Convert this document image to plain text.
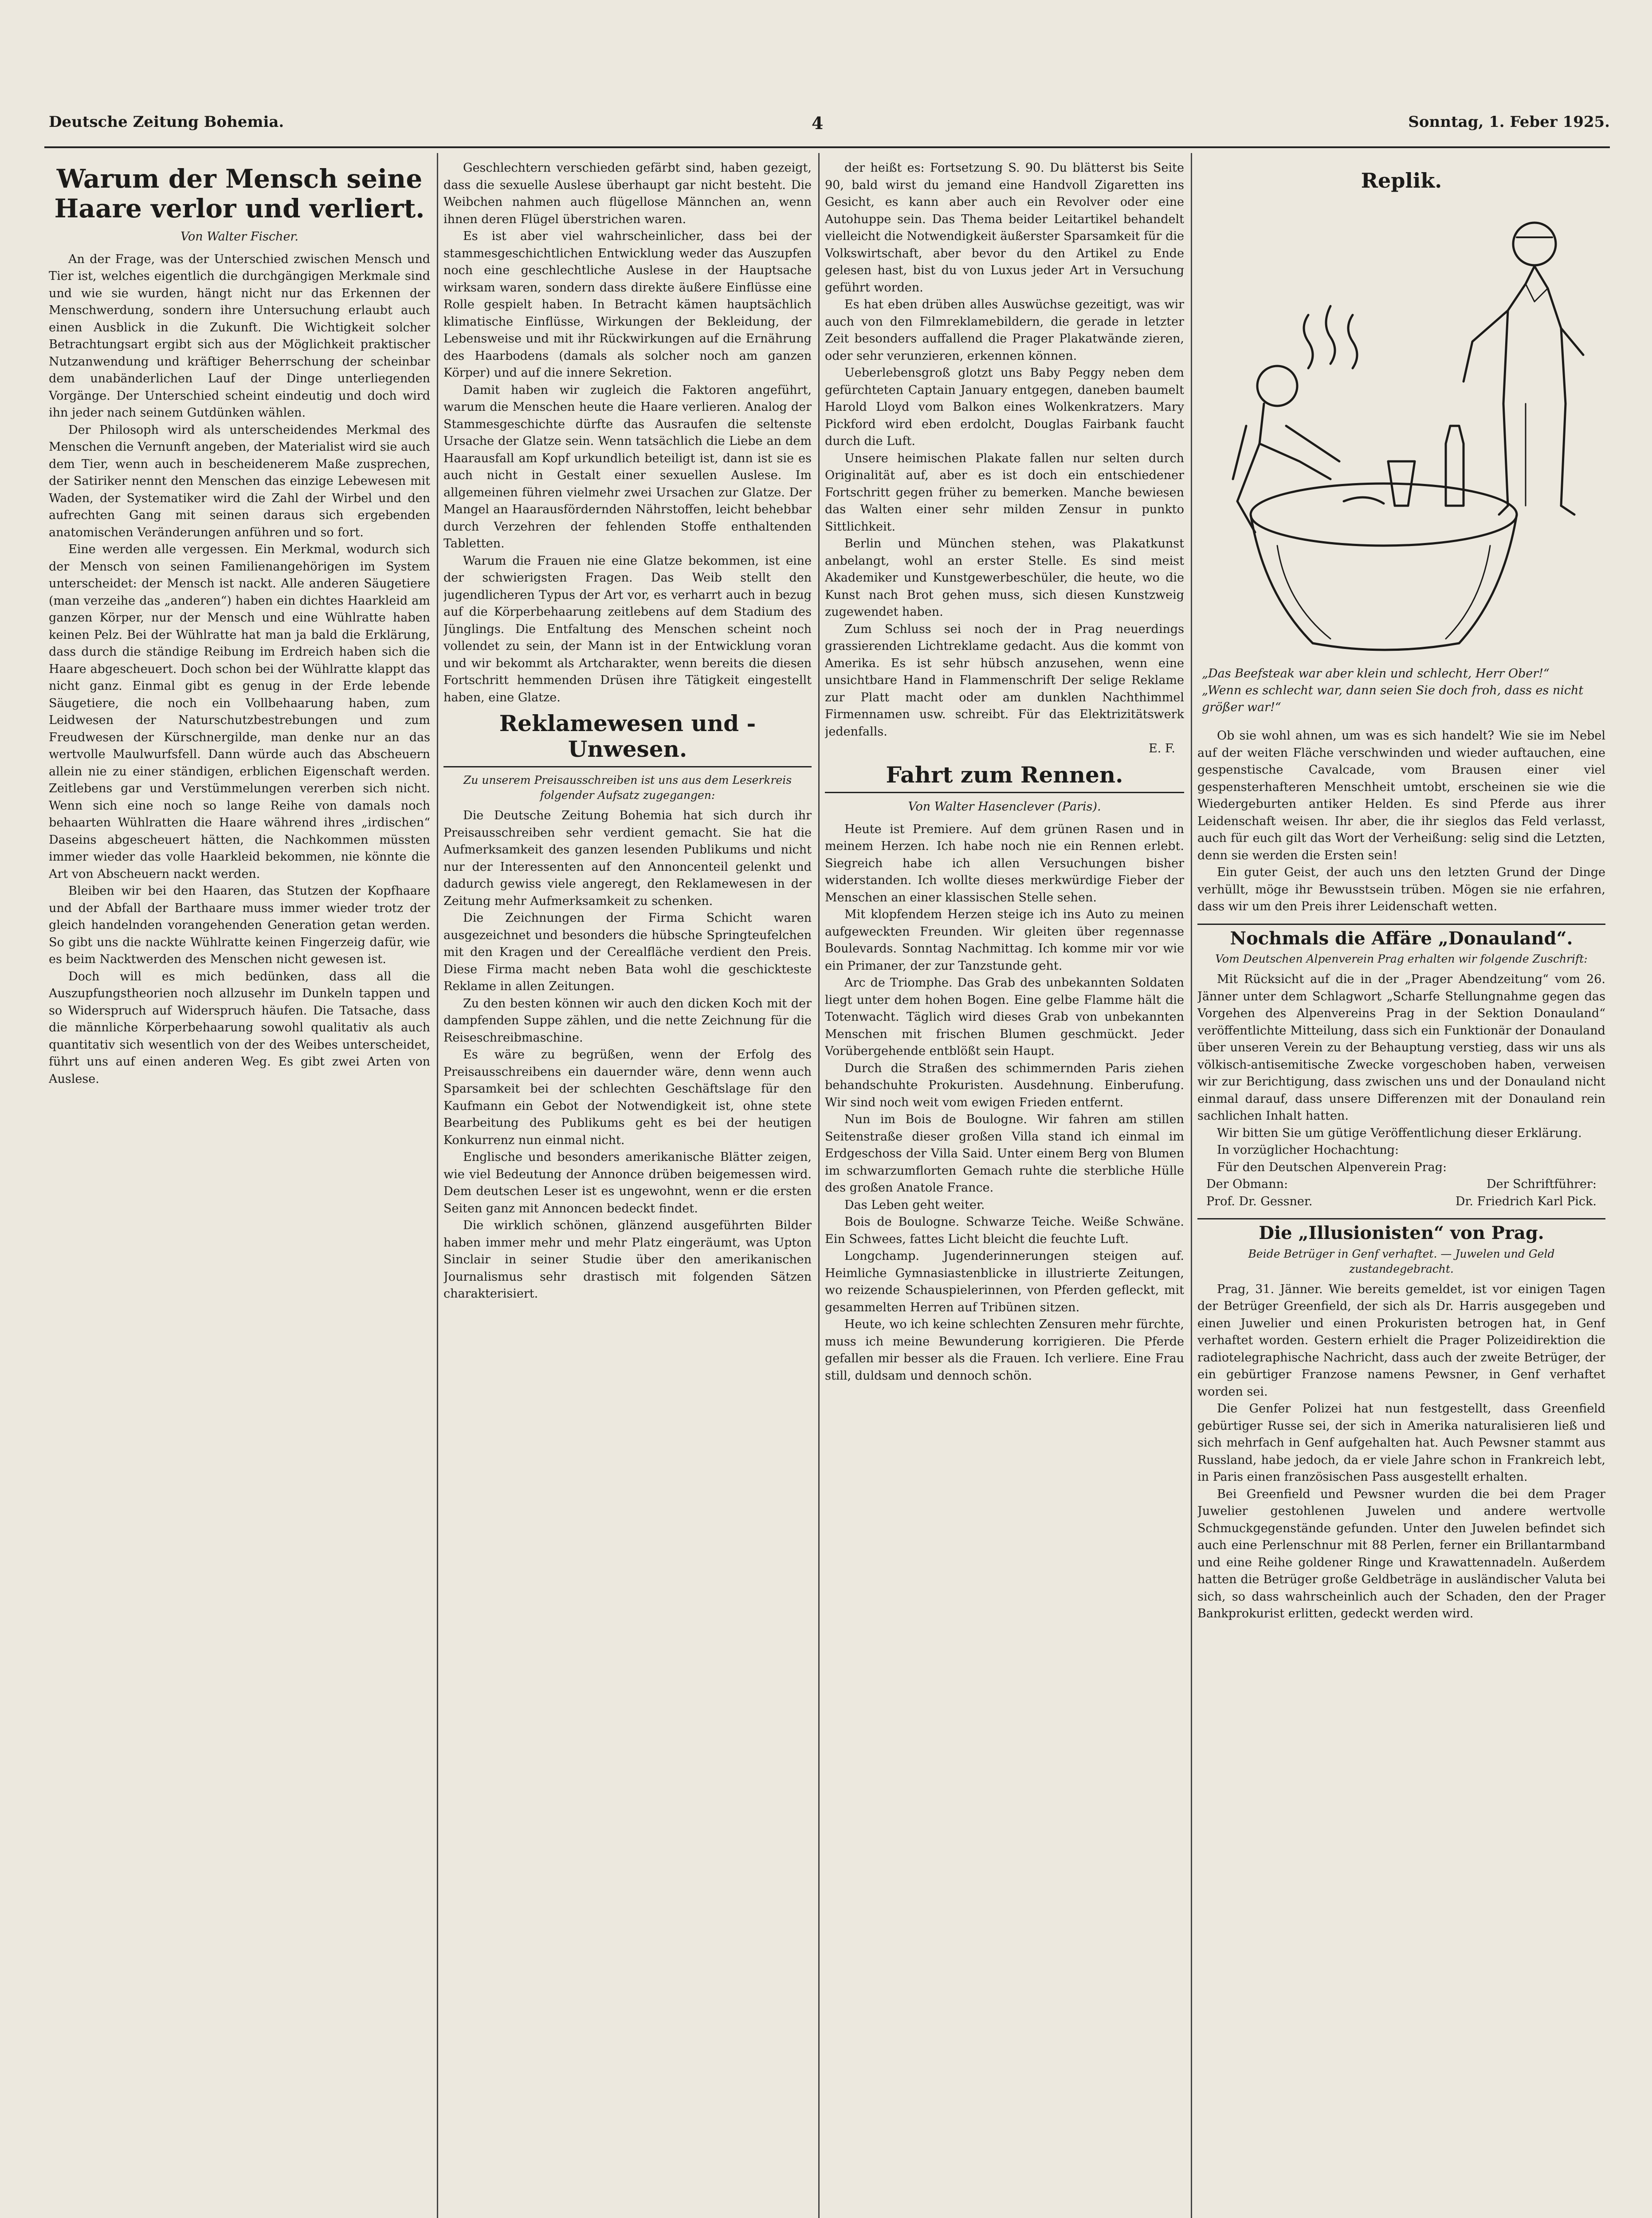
Deutsche Zeitung Bohemia.	4	Sonntag, 1. Feber 1925.
Warum der Mensch seine Haare verlor und verliert.
Von Walter Fischer.

An der Frage, was der Unterschied zwischen Mensch und Tier ist, welches eigentlich die durchgängigen Merkmale sind und wie sie wurden, hängt nicht nur das Erkennen der Menschwerdung, sondern ihre Untersuchung erlaubt auch einen Ausblick in die Zukunft. Die Wichtigkeit solcher Betrachtungsart ergibt sich aus der Möglichkeit praktischer Nutzanwendung und kräftiger Beherrschung der scheinbar dem unabänderlichen Lauf der Dinge unterliegenden Vorgänge. Der Unterschied scheint eindeutig und doch wird ihn jeder nach seinem Gutdünken wählen.

Der Philosoph wird als unterscheidendes Merkmal des Menschen die Vernunft angeben, der Materialist wird sie auch dem Tier, wenn auch in bescheidenerem Maße zusprechen, der Satiriker nennt den Menschen das einzige Lebewesen mit Waden, der Systematiker wird die Zahl der Wirbel und den aufrechten Gang mit seinen daraus sich ergebenden anatomischen Veränderungen anführen und so fort.

Eine werden alle vergessen. Ein Merkmal, wodurch sich der Mensch von seinen Familienangehörigen im System unterscheidet: der Mensch ist nackt. Alle anderen Säugetiere (man verzeihe das „anderen“) haben ein dichtes Haarkleid am ganzen Körper, nur der Mensch und eine Wühlratte haben keinen Pelz. Bei der Wühlratte hat man ja bald die Erklärung, dass durch die ständige Reibung im Erdreich haben sich die Haare abgescheuert. Doch schon bei der Wühlratte klappt das nicht ganz. Einmal gibt es genug in der Erde lebende Säugetiere, die noch ein Vollbehaarung haben, zum Leidwesen der Naturschutzbestrebungen und zum Freudwesen der Kürschnergilde, man denke nur an das wertvolle Maulwurfsfell. Dann würde auch das Abscheuern allein nie zu einer ständigen, erblichen Eigenschaft werden. Zeitlebens gar und Verstümmelungen vererben sich nicht. Wenn sich eine noch so lange Reihe von damals noch behaarten Wühlratten die Haare während ihres „irdischen“ Daseins abgescheuert hätten, die Nachkommen müssten immer wieder das volle Haarkleid bekommen, nie könnte die Art von Abscheuern nackt werden.

Bleiben wir bei den Haaren, das Stutzen der Kopfhaare und der Abfall der Barthaare muss immer wieder trotz der gleich handelnden vorangehenden Generation getan werden. So gibt uns die nackte Wühlratte keinen Fingerzeig dafür, wie es beim Nacktwerden des Menschen nicht gewesen ist.

Doch will es mich bedünken, dass all die Auszupfungstheorien noch allzusehr im Dunkeln tappen und so Widerspruch auf Widerspruch häufen. Die Tatsache, dass die männliche Körperbehaarung sowohl qualitativ als auch quantitativ sich wesentlich von der des Weibes unterscheidet, führt uns auf einen anderen Weg. Es gibt zwei Arten von Auslese.

Geschlechtern verschieden gefärbt sind, haben gezeigt, dass die sexuelle Auslese überhaupt gar nicht besteht. Die Weibchen nahmen auch flügellose Männchen an, wenn ihnen deren Flügel überstrichen waren.

Es ist aber viel wahrscheinlicher, dass bei der stammesgeschichtlichen Entwicklung weder das Auszupfen noch eine geschlechtliche Auslese in der Hauptsache wirksam waren, sondern dass direkte äußere Einflüsse eine Rolle gespielt haben. In Betracht kämen hauptsächlich klimatische Einflüsse, Wirkungen der Bekleidung, der Lebensweise und mit ihr Rückwirkungen auf die Ernährung des Haarbodens (damals als solcher noch am ganzen Körper) und auf die innere Sekretion.

Damit haben wir zugleich die Faktoren angeführt, warum die Menschen heute die Haare verlieren. Analog der Stammesgeschichte dürfte das Ausraufen die seltenste Ursache der Glatze sein. Wenn tatsächlich die Liebe an dem Haarausfall am Kopf urkundlich beteiligt ist, dann ist sie es auch nicht in Gestalt einer sexuellen Auslese. Im allgemeinen führen vielmehr zwei Ursachen zur Glatze. Der Mangel an Haarausfördernden Nährstoffen, leicht behebbar durch Verzehren der fehlenden Stoffe enthaltenden Tabletten.

Warum die Frauen nie eine Glatze bekommen, ist eine der schwierigsten Fragen. Das Weib stellt den jugendlicheren Typus der Art vor, es verharrt auch in bezug auf die Körperbehaarung zeitlebens auf dem Stadium des Jünglings. Die Entfaltung des Menschen scheint noch vollendet zu sein, der Mann ist in der Entwicklung voran und wir bekommt als Artcharakter, wenn bereits die diesen Fortschritt hemmenden Drüsen ihre Tätigkeit eingestellt haben, eine Glatze.

Reklamewesen und -Unwesen.
Zu unserem Preisausschreiben ist uns aus dem Leserkreis folgender Aufsatz zugegangen:

Die Deutsche Zeitung Bohemia hat sich durch ihr Preisausschreiben sehr verdient gemacht. Sie hat die Aufmerksamkeit des ganzen lesenden Publikums und nicht nur der Interessenten auf den Annoncenteil gelenkt und dadurch gewiss viele angeregt, den Reklamewesen in der Zeitung mehr Aufmerksamkeit zu schenken.

Die Zeichnungen der Firma Schicht waren ausgezeichnet und besonders die hübsche Springteufelchen mit den Kragen und der Cerealfläche verdient den Preis. Diese Firma macht neben Bata wohl die geschickteste Reklame in allen Zeitungen.

Zu den besten können wir auch den dicken Koch mit der dampfenden Suppe zählen, und die nette Zeichnung für die Reiseschreibmaschine.

Es wäre zu begrüßen, wenn der Erfolg des Preisausschreibens ein dauernder wäre, denn wenn auch Sparsamkeit bei der schlechten Geschäftslage für den Kaufmann ein Gebot der Notwendigkeit ist, ohne stete Bearbeitung des Publikums geht es bei der heutigen Konkurrenz nun einmal nicht.

Englische und besonders amerikanische Blätter zeigen, wie viel Bedeutung der Annonce drüben beigemessen wird. Dem deutschen Leser ist es ungewohnt, wenn er die ersten Seiten ganz mit Annoncen bedeckt findet.

Die wirklich schönen, glänzend ausgeführten Bilder haben immer mehr und mehr Platz eingeräumt, was Upton Sinclair in seiner Studie über den amerikanischen Journalismus sehr drastisch mit folgenden Sätzen charakterisiert.

der heißt es: Fortsetzung S. 90. Du blätterst bis Seite 90, bald wirst du jemand eine Handvoll Zigaretten ins Gesicht, es kann aber auch ein Revolver oder eine Autohuppe sein. Das Thema beider Leitartikel behandelt vielleicht die Notwendigkeit äußerster Sparsamkeit für die Volkswirtschaft, aber bevor du den Artikel zu Ende gelesen hast, bist du von Luxus jeder Art in Versuchung geführt worden.

Es hat eben drüben alles Auswüchse gezeitigt, was wir auch von den Filmreklamebildern, die gerade in letzter Zeit besonders auffallend die Prager Plakatwände zieren, oder sehr verunzieren, erkennen können.

Ueberlebensgroß glotzt uns Baby Peggy neben dem gefürchteten Captain January entgegen, daneben baumelt Harold Lloyd vom Balkon eines Wolkenkratzers. Mary Pickford wird eben erdolcht, Douglas Fairbank faucht durch die Luft.

Unsere heimischen Plakate fallen nur selten durch Originalität auf, aber es ist doch ein entschiedener Fortschritt gegen früher zu bemerken. Manche bewiesen das Walten einer sehr milden Zensur in punkto Sittlichkeit.

Berlin und München stehen, was Plakatkunst anbelangt, wohl an erster Stelle. Es sind meist Akademiker und Kunstgewerbeschüler, die heute, wo die Kunst nach Brot gehen muss, sich diesen Kunstzweig zugewendet haben.

Zum Schluss sei noch der in Prag neuerdings grassierenden Lichtreklame gedacht. Aus die kommt von Amerika. Es ist sehr hübsch anzusehen, wenn eine unsichtbare Hand in Flammenschrift Der selige Reklame zur Platt macht oder am dunklen Nachthimmel Firmennamen usw. schreibt. Für das Elektrizitätswerk jedenfalls.

E. F.
Fahrt zum Rennen.
Von Walter Hasenclever (Paris).

Heute ist Premiere. Auf dem grünen Rasen und in meinem Herzen. Ich habe noch nie ein Rennen erlebt. Siegreich habe ich allen Versuchungen bisher widerstanden. Ich wollte dieses merkwürdige Fieber der Menschen an einer klassischen Stelle sehen.

Mit klopfendem Herzen steige ich ins Auto zu meinen aufgeweckten Freunden. Wir gleiten über regennasse Boulevards. Sonntag Nachmittag. Ich komme mir vor wie ein Primaner, der zur Tanzstunde geht.

Arc de Triomphe. Das Grab des unbekannten Soldaten liegt unter dem hohen Bogen. Eine gelbe Flamme hält die Totenwacht. Täglich wird dieses Grab von unbekannten Menschen mit frischen Blumen geschmückt. Jeder Vorübergehende entblößt sein Haupt.

Durch die Straßen des schimmernden Paris ziehen behandschuhte Prokuristen. Ausdehnung. Einberufung. Wir sind noch weit vom ewigen Frieden entfernt.

Nun im Bois de Boulogne. Wir fahren am stillen Seitenstraße dieser großen Villa stand ich einmal im Erdgeschoss der Villa Said. Unter einem Berg von Blumen im schwarzumflorten Gemach ruhte die sterbliche Hülle des großen Anatole France.

Das Leben geht weiter.

Bois de Boulogne. Schwarze Teiche. Weiße Schwäne. Ein Schwees, fattes Licht bleicht die feuchte Luft.

Longchamp. Jugenderinnerungen steigen auf. Heimliche Gymnasiastenblicke in illustrierte Zeitungen, wo reizende Schauspielerinnen, von Pferden gefleckt, mit gesammelten Herren auf Tribünen sitzen.

Heute, wo ich keine schlechten Zensuren mehr fürchte, muss ich meine Bewunderung korrigieren. Die Pferde gefallen mir besser als die Frauen. Ich verliere. Eine Frau still, duldsam und dennoch schön.

Replik.

„Das Beefsteak war aber klein und schlecht, Herr Ober!“

„Wenn es schlecht war, dann seien Sie doch froh, dass es nicht größer war!“

Ob sie wohl ahnen, um was es sich handelt? Wie sie im Nebel auf der weiten Fläche verschwinden und wieder auftauchen, eine gespenstische Cavalcade, vom Brausen einer viel gespensterhafteren Menschheit umtobt, erscheinen sie wie die Wiedergeburten antiker Helden. Es sind Pferde aus ihrer Leidenschaft weisen. Ihr aber, die ihr sieglos das Feld verlasst, auch für euch gilt das Wort der Verheißung: selig sind die Letzten, denn sie werden die Ersten sein!

Ein guter Geist, der auch uns den letzten Grund der Dinge verhüllt, möge ihr Bewusstsein trüben. Mögen sie nie erfahren, dass wir um den Preis ihrer Leidenschaft wetten.

Nochmals die Affäre „Donauland“.
Vom Deutschen Alpenverein Prag erhalten wir folgende Zuschrift:

Mit Rücksicht auf die in der „Prager Abendzeitung“ vom 26. Jänner unter dem Schlagwort „Scharfe Stellungnahme gegen das Vorgehen des Alpenvereins Prag in der Sektion Donauland“ veröffentlichte Mitteilung, dass sich ein Funktionär der Donauland über unseren Verein zu der Behauptung verstieg, dass wir uns als völkisch-antisemitische Zwecke vorgeschoben haben, verweisen wir zur Berichtigung, dass zwischen uns und der Donauland nicht einmal darauf, dass unsere Differenzen mit der Donauland rein sachlichen Inhalt hatten.

Wir bitten Sie um gütige Veröffentlichung dieser Erklärung.

In vorzüglicher Hochachtung:

Für den Deutschen Alpenverein Prag:

Der Obmann:	Der Schriftführer:
Prof. Dr. Gessner.	Dr. Friedrich Karl Pick.
Die „Illusionisten“ von Prag.
Beide Betrüger in Genf verhaftet. — Juwelen und Geld zustandegebracht.

Prag, 31. Jänner. Wie bereits gemeldet, ist vor einigen Tagen der Betrüger Greenfield, der sich als Dr. Harris ausgegeben und einen Juwelier und einen Prokuristen betrogen hat, in Genf verhaftet worden. Gestern erhielt die Prager Polizeidirektion die radiotelegraphische Nachricht, dass auch der zweite Betrüger, der ein gebürtiger Franzose namens Pewsner, in Genf verhaftet worden sei.

Die Genfer Polizei hat nun festgestellt, dass Greenfield gebürtiger Russe sei, der sich in Amerika naturalisieren ließ und sich mehrfach in Genf aufgehalten hat. Auch Pewsner stammt aus Russland, habe jedoch, da er viele Jahre schon in Frankreich lebt, in Paris einen französischen Pass ausgestellt erhalten.

Bei Greenfield und Pewsner wurden die bei dem Prager Juwelier gestohlenen Juwelen und andere wertvolle Schmuckgegenstände gefunden. Unter den Juwelen befindet sich auch eine Perlenschnur mit 88 Perlen, ferner ein Brillantarmband und eine Reihe goldener Ringe und Krawattennadeln. Außerdem hatten die Betrüger große Geldbeträge in ausländischer Valuta bei sich, so dass wahrscheinlich auch der Schaden, den der Prager Bankprokurist erlitten, gedeckt werden wird.
